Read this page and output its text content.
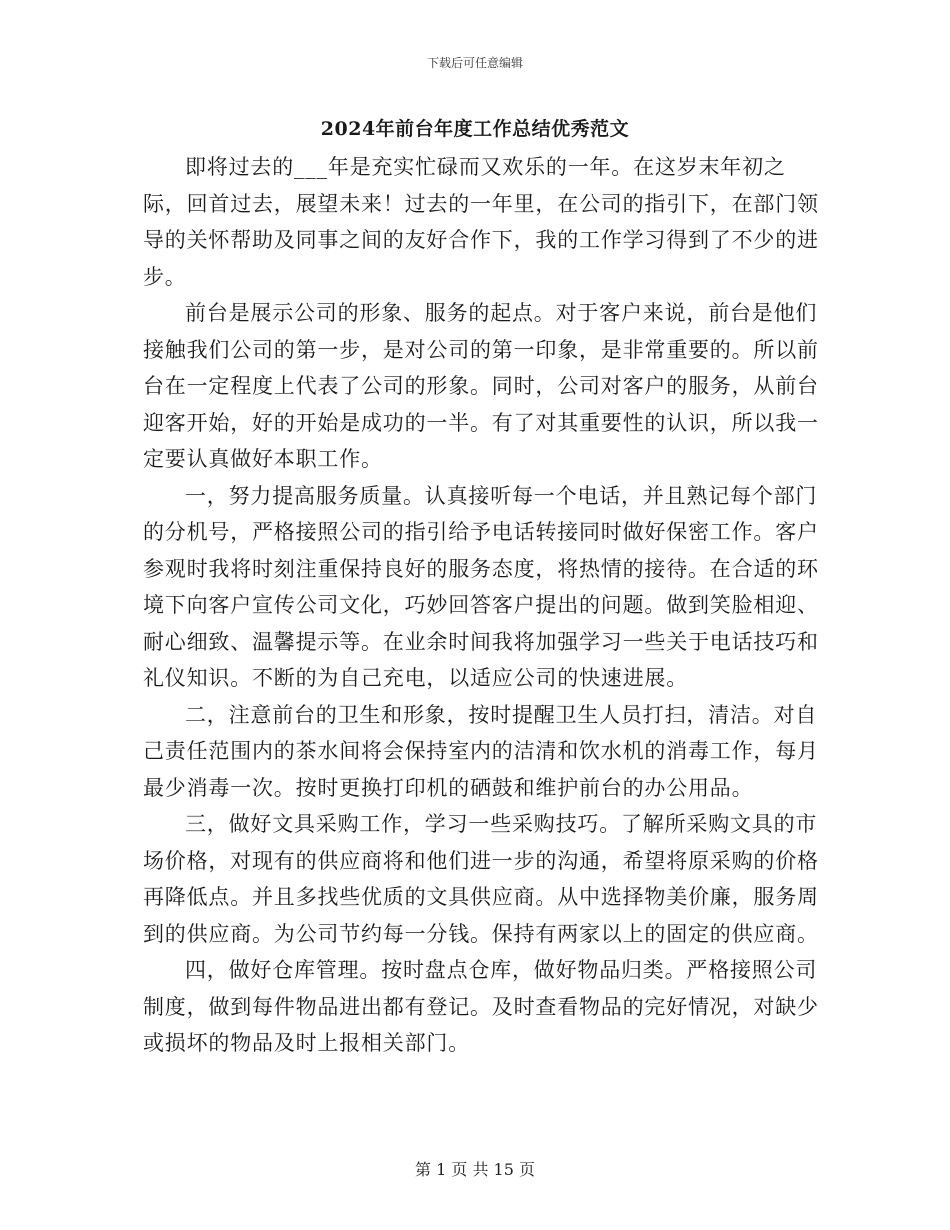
下载后可任意编辑
2024年前台年度工作总结优秀范文

即将过去的___年是充实忙碌而又欢乐的一年。在这岁末年初之际，回首过去，展望未来！过去的一年里，在公司的指引下，在部门领导的关怀帮助及同事之间的友好合作下，我的工作学习得到了不少的进步。

前台是展示公司的形象、服务的起点。对于客户来说，前台是他们接触我们公司的第一步，是对公司的第一印象，是非常重要的。所以前台在一定程度上代表了公司的形象。同时，公司对客户的服务，从前台迎客开始，好的开始是成功的一半。有了对其重要性的认识，所以我一定要认真做好本职工作。

一，努力提高服务质量。认真接听每一个电话，并且熟记每个部门的分机号，严格接照公司的指引给予电话转接同时做好保密工作。客户参观时我将时刻注重保持良好的服务态度，将热情的接待。在合适的环境下向客户宣传公司文化，巧妙回答客户提出的问题。做到笑脸相迎、耐心细致、温馨提示等。在业余时间我将加强学习一些关于电话技巧和礼仪知识。不断的为自己充电，以适应公司的快速进展。

二，注意前台的卫生和形象，按时提醒卫生人员打扫，清洁。对自己责任范围内的茶水间将会保持室内的洁清和饮水机的消毒工作，每月最少消毒一次。按时更换打印机的硒鼓和维护前台的办公用品。

三，做好文具采购工作，学习一些采购技巧。了解所采购文具的市场价格，对现有的供应商将和他们进一步的沟通，希望将原采购的价格再降低点。并且多找些优质的文具供应商。从中选择物美价廉，服务周到的供应商。为公司节约每一分钱。保持有两家以上的固定的供应商。

四，做好仓库管理。按时盘点仓库，做好物品归类。严格接照公司制度，做到每件物品进出都有登记。及时查看物品的完好情况，对缺少或损坏的物品及时上报相关部门。

第 1 页 共 15 页
